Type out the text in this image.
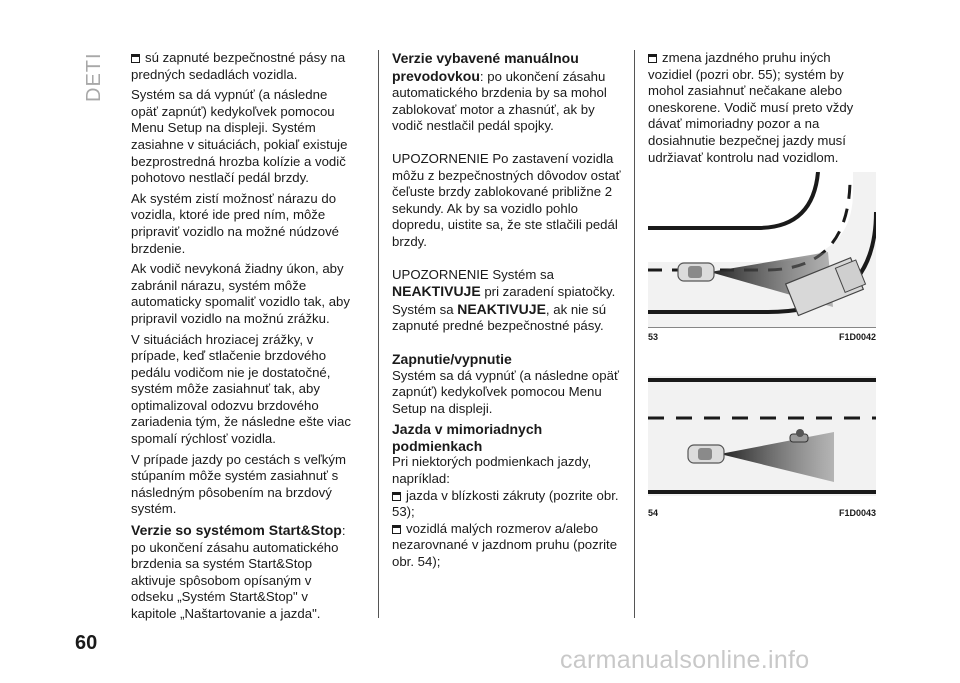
DETI	sú zapnuté bezpečnostné pásy na predných sedadlách vozidla.

Systém sa dá vypnúť (a následne opäť zapnúť) kedykoľvek pomocou Menu Setup na displeji. Systém zasiahne v situáciách, pokiaľ existuje bezprostredná hrozba kolízie a vodič pohotovo nestlačí pedál brzdy.

Ak systém zistí možnosť nárazu do vozidla, ktoré ide pred ním, môže pripraviť vozidlo na možné núdzové brzdenie.

Ak vodič nevykoná žiadny úkon, aby zabránil nárazu, systém môže automaticky spomaliť vozidlo tak, aby pripravil vozidlo na možnú zrážku.

V situáciách hroziacej zrážky, v prípade, keď stlačenie brzdového pedálu vodičom nie je dostatočné, systém môže zasiahnuť tak, aby optimalizoval odozvu brzdového zariadenia tým, že následne ešte viac spomalí rýchlosť vozidla.

V prípade jazdy po cestách s veľkým stúpaním môže systém zasiahnuť s následným pôsobením na brzdový systém.

Verzie so systémom Start&Stop:

po ukončení zásahu automatického brzdenia sa systém Start&Stop aktivuje spôsobom opísaným v odseku „Systém Start&Stop" v kapitole „Naštartovanie a jazda".

Verzie vybavené manuálnou prevodovkou: po ukončení zásahu automatického brzdenia by sa mohol zablokovať motor a zhasnúť, ak by vodič nestlačil pedál spojky.

UPOZORNENIE Po zastavení vozidla môžu z bezpečnostných dôvodov ostať čeľuste brzdy zablokované približne 2 sekundy. Ak by sa vozidlo pohlo dopredu, uistite sa, že ste stlačili pedál brzdy.

UPOZORNENIE Systém sa NEAKTIVUJE pri zaradení spiatočky. Systém sa NEAKTIVUJE, ak nie sú zapnuté predné bezpečnostné pásy.

Zapnutie/vypnutie

Systém sa dá vypnúť (a následne opäť zapnúť) kedykoľvek pomocou Menu Setup na displeji.

Jazda v mimoriadnych podmienkach

Pri niektorých podmienkach jazdy, napríklad:

jazda v blízkosti zákruty (pozrite obr. 53);

vozidlá malých rozmerov a/alebo nezarovnané v jazdnom pruhu (pozrite obr. 54);

zmena jazdného pruhu iných vozidiel (pozri obr. 55); systém by mohol zasiahnuť nečakane alebo oneskorene. Vodič musí preto vždy dávať mimoriadny pozor a na dosiahnutie bezpečnej jazdy musí udržiavať kontrolu nad vozidlom.

53	F1D0042
54	F1D0043
60
carmanualsonline.info
